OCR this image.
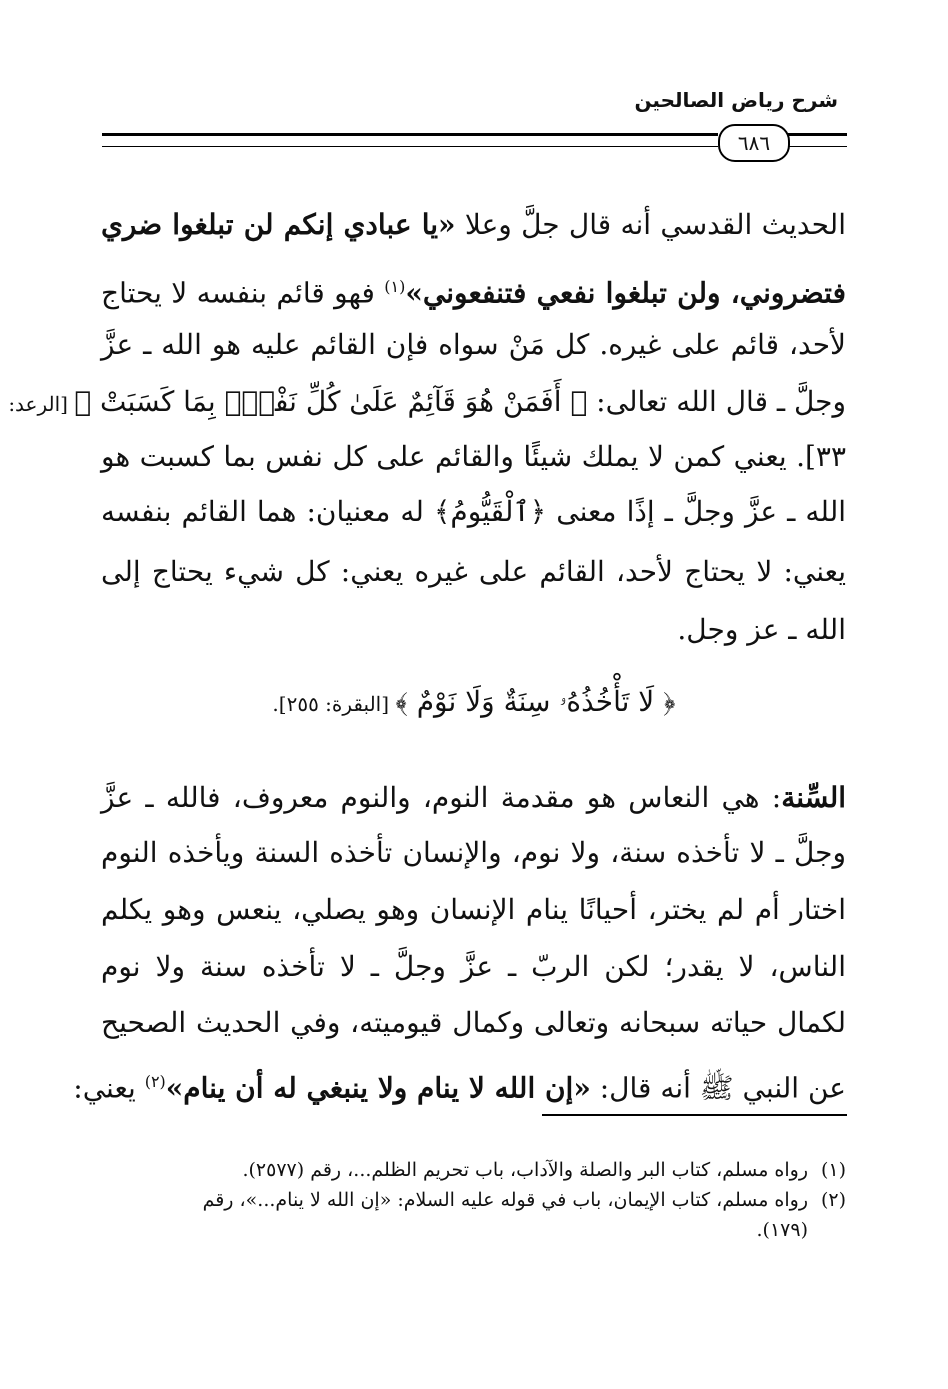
شرح رياض الصالحين
٦٨٦
الحديث القدسي أنه قال جلَّ وعلا «يا عبادي إنكم لن تبلغوا ضري
فتضروني، ولن تبلغوا نفعي فتنفعوني»$^{(١)}$ فهو قائم بنفسه لا يحتاج
لأحد، قائم على غيره. كل مَنْ سواه فإن القائم عليه هو الله ـ عزَّ
وجلَّ ـ قال الله تعالى: ﴿ أَفَمَنْ هُوَ قَآئِمٌ عَلَىٰ كُلِّ نَفْسٍۭ بِمَا كَسَبَتْ ﴾ [الرعد:
٣٣]. يعني كمن لا يملك شيئًا والقائم على كل نفس بما كسبت هو
الله ـ عزَّ وجلَّ ـ إذًا معنى ﴿ٱلْقَيُّومُ﴾ له معنيان: هما القائم بنفسه
يعني: لا يحتاج لأحد، القائم على غيره يعني: كل شيء يحتاج إلى
الله ـ عز وجل.
﴿ لَا تَأْخُذُهُۥ سِنَةٌ وَلَا نَوْمٌ ﴾ [البقرة: ٢٥٥].
السِّنة: هي النعاس هو مقدمة النوم، والنوم معروف، فالله ـ عزَّ
وجلَّ ـ لا تأخذه سنة، ولا نوم، والإنسان تأخذه السنة ويأخذه النوم
اختار أم لم يختر، أحيانًا ينام الإنسان وهو يصلي، ينعس وهو يكلم
الناس، لا يقدر؛ لكن الربّ ـ عزَّ وجلَّ ـ لا تأخذه سنة ولا نوم
لكمال حياته سبحانه وتعالى وكمال قيوميته، وفي الحديث الصحيح
عن النبي ﷺ أنه قال: «إن الله لا ينام ولا ينبغي له أن ينام»$^{(٢)}$ يعني:
(١)رواه مسلم، كتاب البر والصلة والآداب، باب تحريم الظلم...، رقم (٢٥٧٧).
(٢)رواه مسلم، كتاب الإيمان، باب في قوله عليه السلام: «إن الله لا ينام...»، رقم
(١٧٩).
